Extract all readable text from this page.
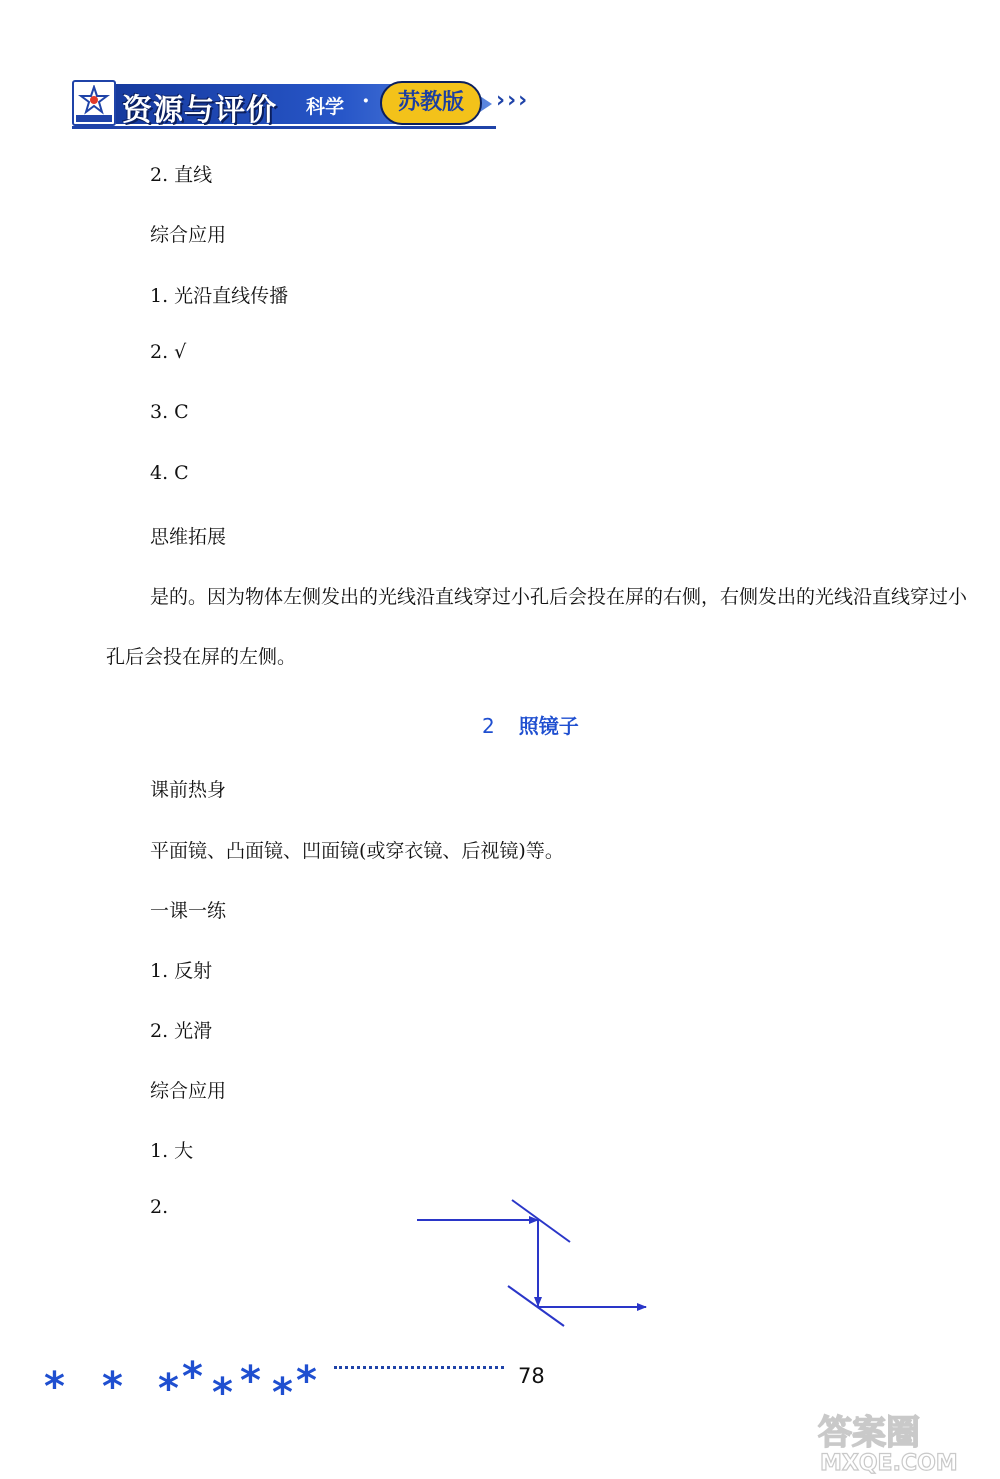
资源与评价 科学 ·	苏教版	›››
2. 直线
综合应用
1. 光沿直线传播
2. √
3. C
4. C
思维拓展
是的。因为物体左侧发出的光线沿直线穿过小孔后会投在屏的右侧，右侧发出的光线沿直线穿过小孔后会投在屏的左侧。
2 照镜子
课前热身
平面镜、凸面镜、凹面镜(或穿衣镜、后视镜)等。
一课一练
1. 反射
2. 光滑
综合应用
1. 大
2.
* * * * * * * *	78
答案圈
MXQE.COM
